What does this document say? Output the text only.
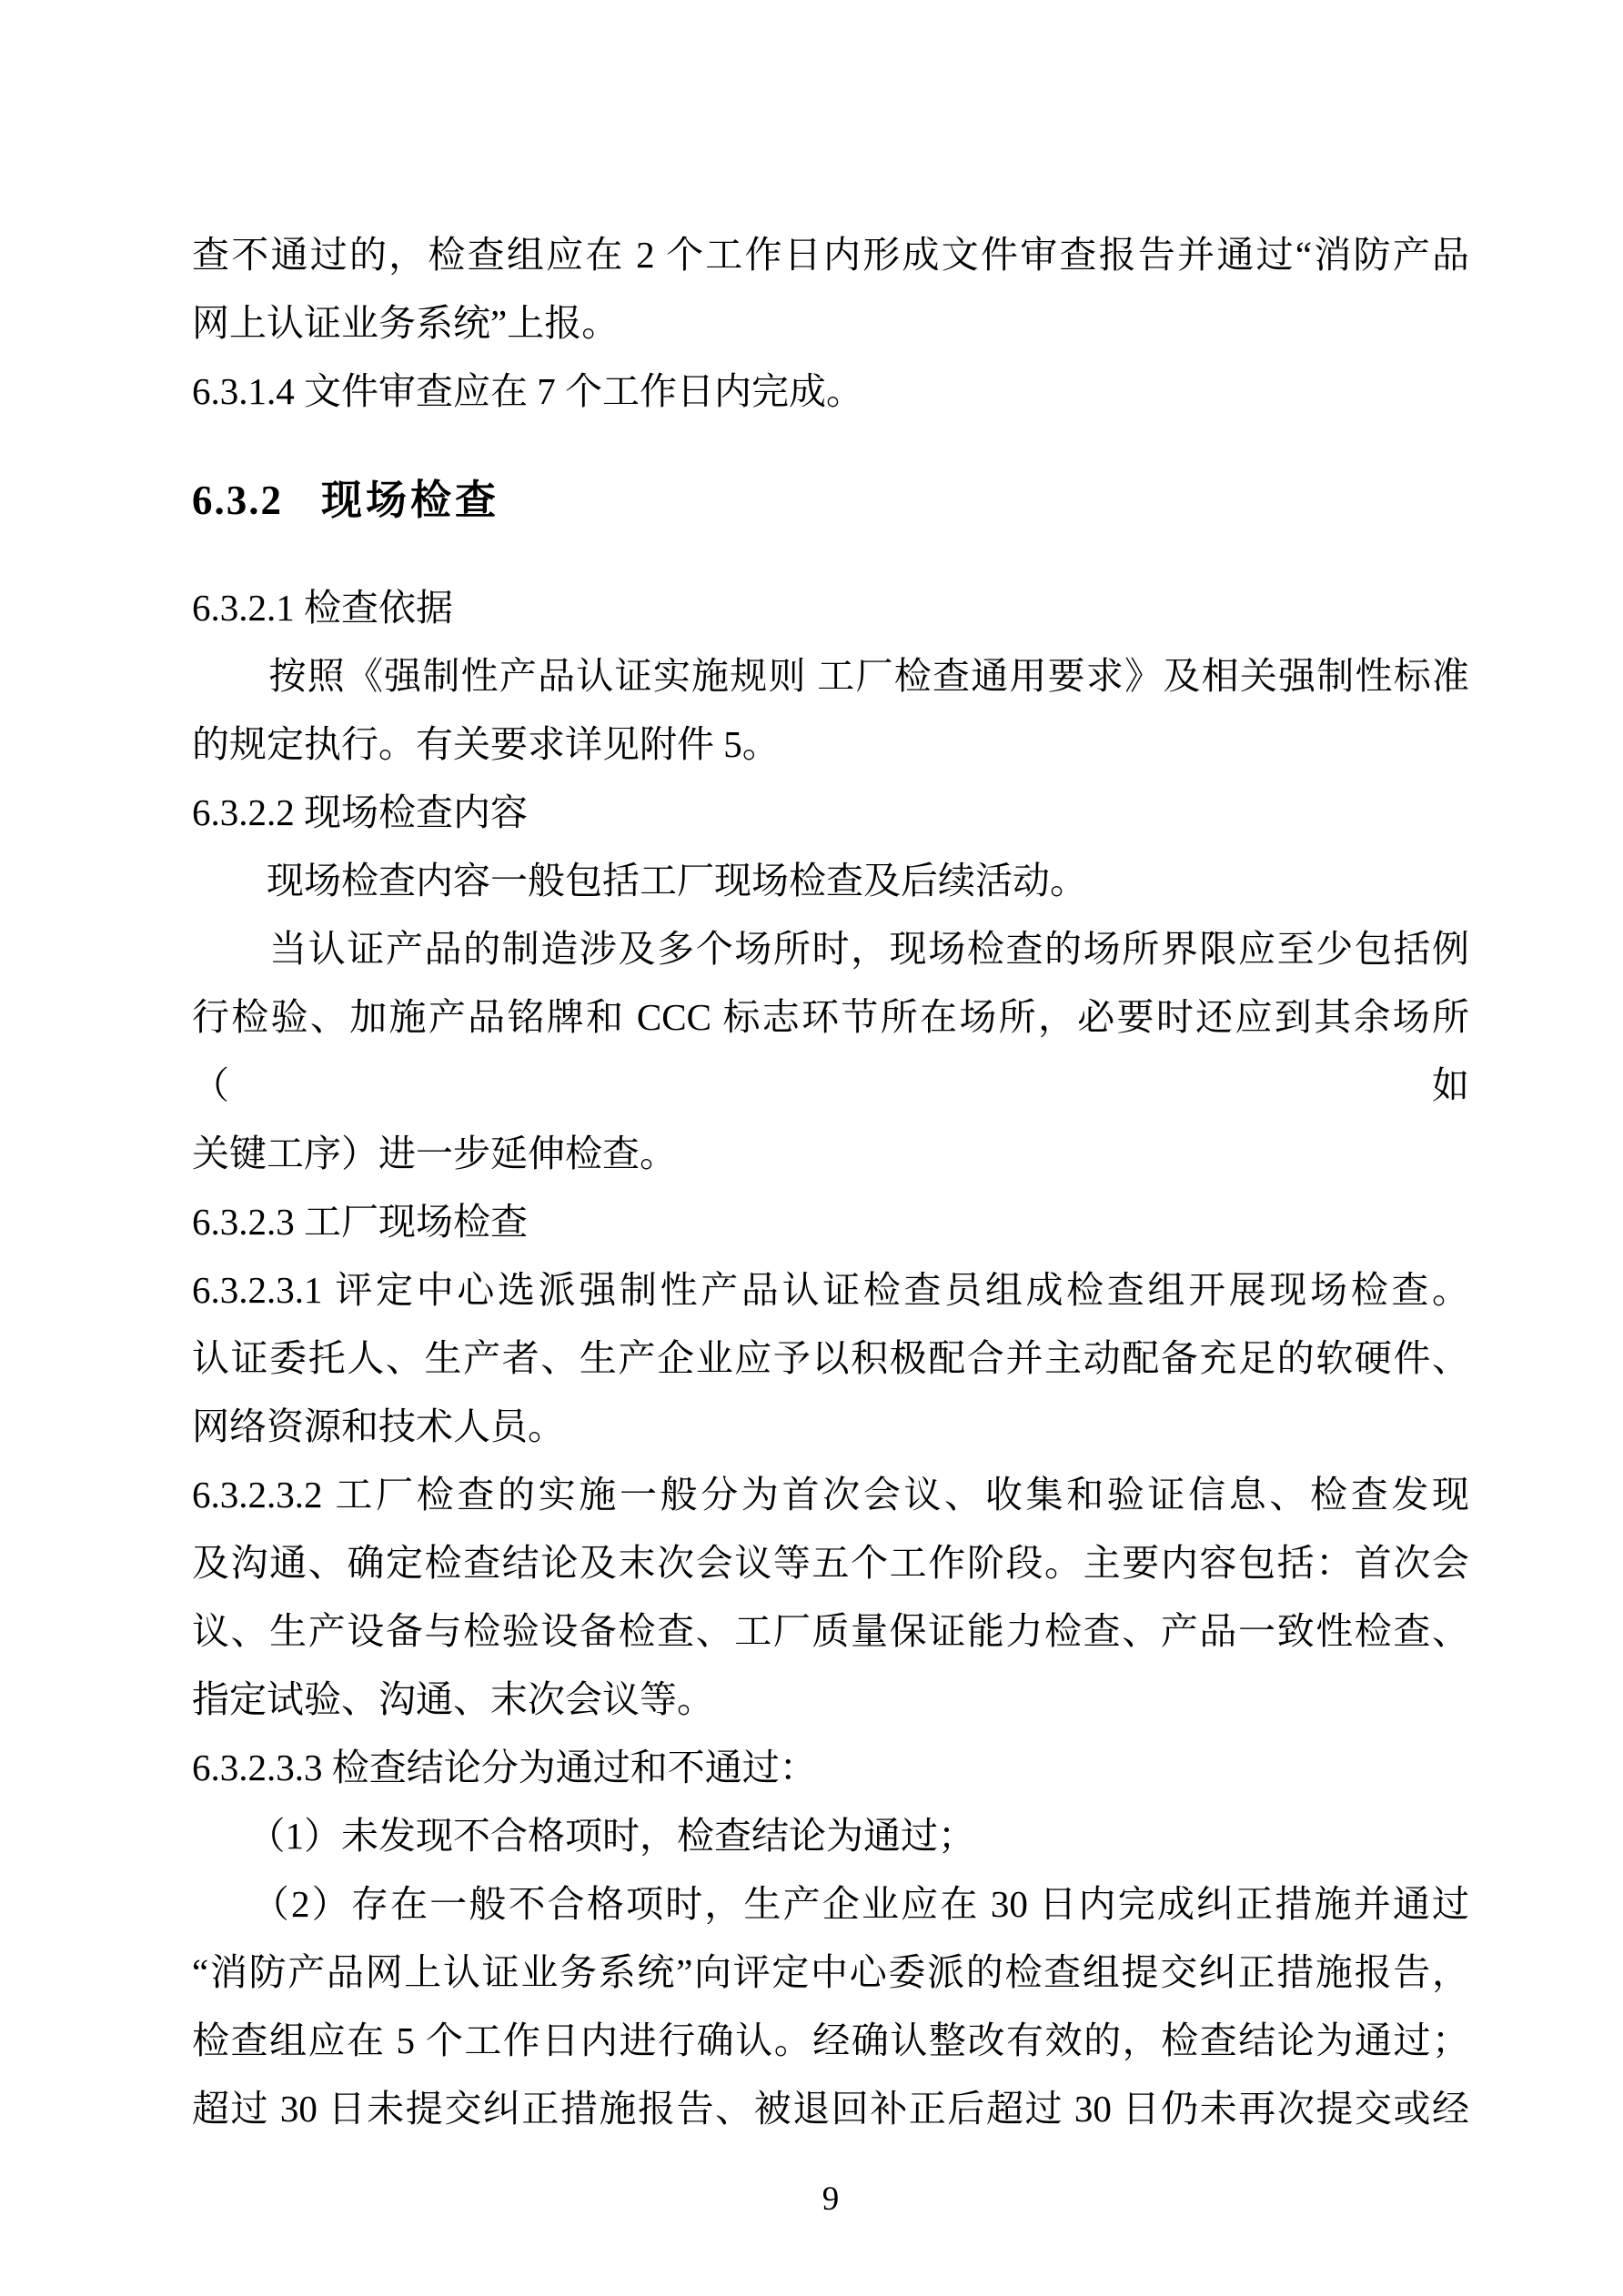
查不通过的，检查组应在 2 个工作日内形成文件审查报告并通过“消防产品
网上认证业务系统”上报。
6.3.1.4 文件审查应在 7 个工作日内完成。
6.3.2 现场检查
6.3.2.1 检查依据
　　按照《强制性产品认证实施规则 工厂检查通用要求》及相关强制性标准
的规定执行。有关要求详见附件 5。
6.3.2.2 现场检查内容
　　现场检查内容一般包括工厂现场检查及后续活动。
　　当认证产品的制造涉及多个场所时，现场检查的场所界限应至少包括例
行检验、加施产品铭牌和 CCC 标志环节所在场所，必要时还应到其余场所（如
关键工序）进一步延伸检查。
6.3.2.3 工厂现场检查
6.3.2.3.1 评定中心选派强制性产品认证检查员组成检查组开展现场检查。
认证委托人、生产者、生产企业应予以积极配合并主动配备充足的软硬件、
网络资源和技术人员。
6.3.2.3.2 工厂检查的实施一般分为首次会议、收集和验证信息、检查发现
及沟通、确定检查结论及末次会议等五个工作阶段。主要内容包括：首次会
议、生产设备与检验设备检查、工厂质量保证能力检查、产品一致性检查、
指定试验、沟通、末次会议等。
6.3.2.3.3 检查结论分为通过和不通过：
　　（1）未发现不合格项时，检查结论为通过；
　　（2）存在一般不合格项时，生产企业应在 30 日内完成纠正措施并通过
“消防产品网上认证业务系统”向评定中心委派的检查组提交纠正措施报告，
检查组应在 5 个工作日内进行确认。经确认整改有效的，检查结论为通过；
超过 30 日未提交纠正措施报告、被退回补正后超过 30 日仍未再次提交或经
9
